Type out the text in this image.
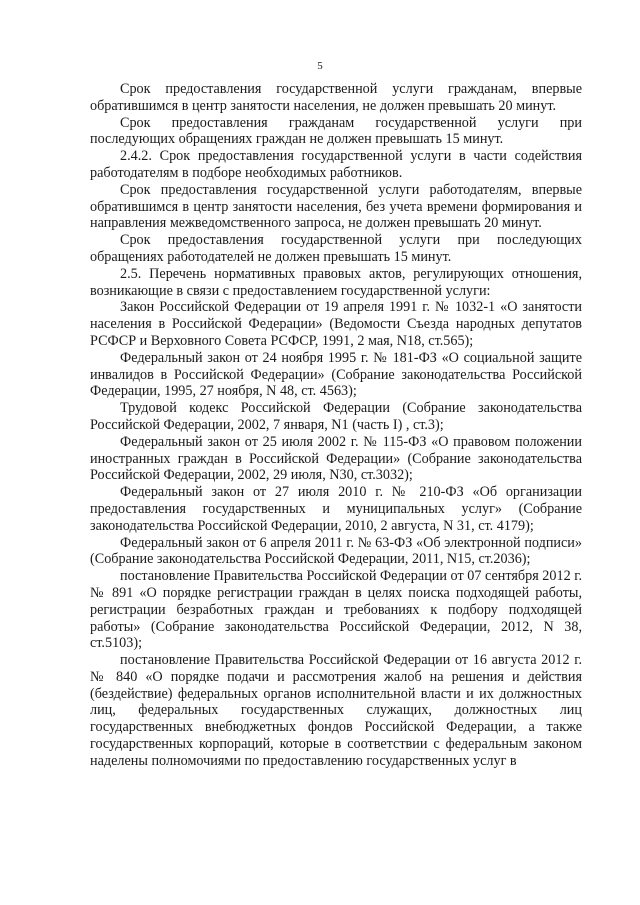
5

Срок предоставления государственной услуги гражданам, впервые обратившимся в центр занятости населения, не должен превышать 20 минут.

Срок предоставления гражданам государственной услуги при последующих обращениях граждан не должен превышать 15 минут.

2.4.2. Срок предоставления государственной услуги в части содействия работодателям в подборе необходимых работников.

Срок предоставления государственной услуги работодателям, впервые обратившимся в центр занятости населения, без учета времени формирования и направления межведомственного запроса, не должен превышать 20 минут.

Срок предоставления государственной услуги при последующих обращениях работодателей не должен превышать 15 минут.

2.5. Перечень нормативных правовых актов, регулирующих отношения, возникающие в связи с предоставлением государственной услуги:

Закон Российской Федерации от 19 апреля 1991 г. № 1032-1 «О занятости населения в Российской Федерации» (Ведомости Съезда народных депутатов РСФСР и Верховного Совета РСФСР, 1991, 2 мая, N18, ст.565);

Федеральный закон от 24 ноября 1995 г. № 181-ФЗ «О социальной защите инвалидов в Российской Федерации» (Собрание законодательства Российской Федерации, 1995, 27 ноября, N 48, ст. 4563);

Трудовой кодекс Российской Федерации (Собрание законодательства Российской Федерации, 2002, 7 января, N1 (часть I) , ст.3);

Федеральный закон от 25 июля 2002 г. № 115-ФЗ «О правовом положении иностранных граждан в Российской Федерации» (Собрание законодательства Российской Федерации, 2002, 29 июля, N30, ст.3032);

Федеральный закон от 27 июля 2010 г. № 210-ФЗ «Об организации предоставления государственных и муниципальных услуг» (Собрание законодательства Российской Федерации, 2010, 2 августа, N 31, ст. 4179);

Федеральный закон от 6 апреля 2011 г. № 63-ФЗ «Об электронной подписи» (Собрание законодательства Российской Федерации, 2011, N15, ст.2036);

постановление Правительства Российской Федерации от 07 сентября 2012 г. № 891 «О порядке регистрации граждан в целях поиска подходящей работы, регистрации безработных граждан и требованиях к подбору подходящей работы» (Собрание законодательства Российской Федерации, 2012, N 38, ст.5103);

постановление Правительства Российской Федерации от 16 августа 2012 г. № 840 «О порядке подачи и рассмотрения жалоб на решения и действия (бездействие) федеральных органов исполнительной власти и их должностных лиц, федеральных государственных служащих, должностных лиц государственных внебюджетных фондов Российской Федерации, а также государственных корпораций, которые в соответствии с федеральным законом наделены полномочиями по предоставлению государственных услуг в
